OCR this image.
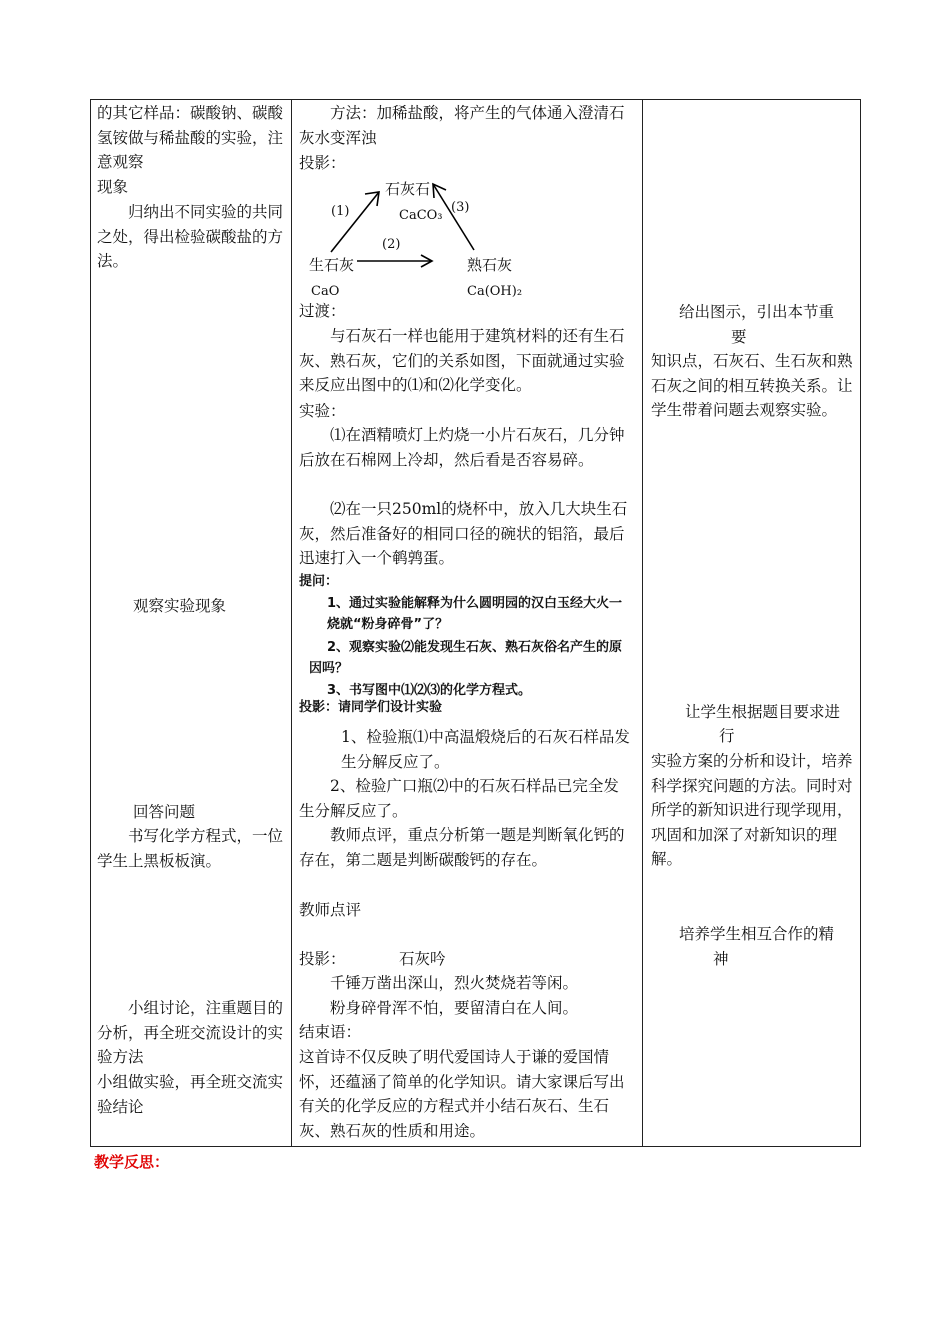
的其它样品：碳酸钠、碳酸氢铵做与稀盐酸的实验，注意观察

现象

归纳出不同实验的共同之处，得出检验碳酸盐的方法。

观察实验现象

回答问题

书写化学方程式，一位学生上黑板板演。

小组讨论，注重题目的分析，再全班交流设计的实验方法

小组做实验，再全班交流实验结论

方法：加稀盐酸，将产生的气体通入澄清石灰水变浑浊

投影：

石灰石
CaCO₃
(1)	(3)
(2)
生石灰
CaO
熟石灰
Ca(OH)₂

过渡：

与石灰石一样也能用于建筑材料的还有生石灰、熟石灰，它们的关系如图，下面就通过实验来反应出图中的⑴和⑵化学变化。

实验：

⑴在酒精喷灯上灼烧一小片石灰石，几分钟后放在石棉网上冷却，然后看是否容易碎。

⑵在一只250ml的烧杯中，放入几大块生石灰，然后准备好的相同口径的碗状的铝箔，最后迅速打入一个鹌鹑蛋。

提问：

1、通过实验能解释为什么圆明园的汉白玉经大火一烧就“粉身碎骨”了？

2、观察实验⑵能发现生石灰、熟石灰俗名产生的原因吗？

3、书写图中⑴⑵⑶的化学方程式。

投影：请同学们设计实验

1、检验瓶⑴中高温煅烧后的石灰石样品发生分解反应了。

2、检验广口瓶⑵中的石灰石样品已完全发生分解反应了。

教师点评，重点分析第一题是判断氧化钙的存在，第二题是判断碳酸钙的存在。

教师点评

投影：	石灰吟

千锤万凿出深山，烈火焚烧若等闲。

粉身碎骨浑不怕，要留清白在人间。

结束语：

这首诗不仅反映了明代爱国诗人于谦的爱国情怀，还蕴涵了简单的化学知识。请大家课后写出有关的化学反应的方程式并小结石灰石、生石灰、熟石灰的性质和用途。

给出图示，引出本节重

要

知识点，石灰石、生石灰和熟石灰之间的相互转换关系。让学生带着问题去观察实验。

让学生根据题目要求进

行

实验方案的分析和设计，培养科学探究问题的方法。同时对所学的新知识进行现学现用，巩固和加深了对新知识的理解。

培养学生相互合作的精

神

教学反思：
